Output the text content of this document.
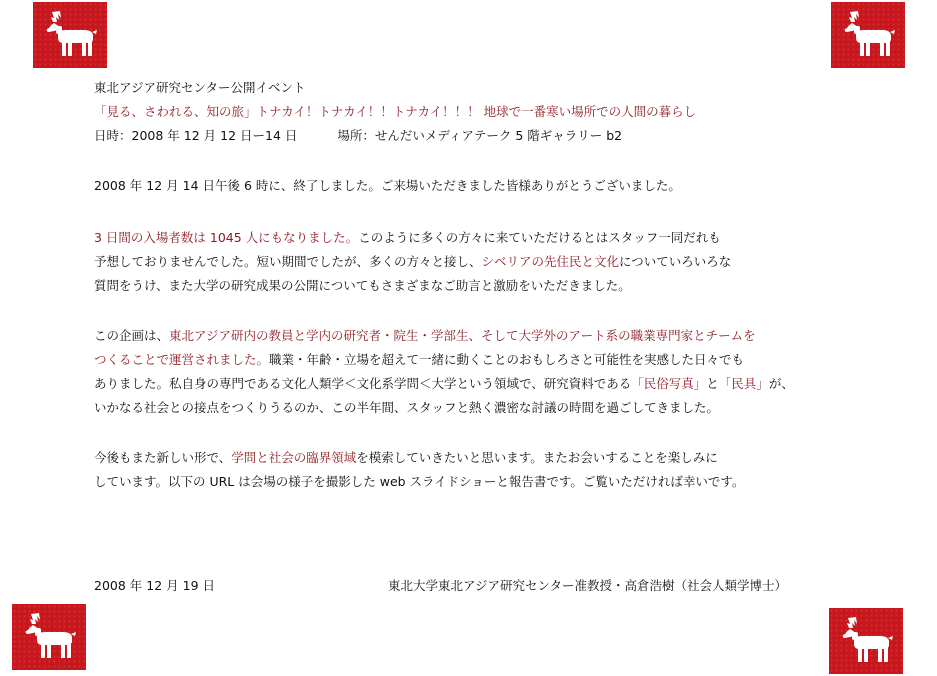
東北アジア研究センター公開イベント
「見る、さわれる、知の旅」トナカイ！トナカイ！！トナカイ！！！ 地球で一番寒い場所での人間の暮らし
日時：2008 年 12 月 12 日ー14 日	場所：せんだいメディアテーク 5 階ギャラリー b2
2008 年 12 月 14 日午後 6 時に、終了しました。ご来場いただきました皆様ありがとうございました。
3 日間の入場者数は 1045 人にもなりました。このように多くの方々に来ていただけるとはスタッフ一同だれも
予想しておりませんでした。短い期間でしたが、多くの方々と接し、シベリアの先住民と文化についていろいろな
質問をうけ、また大学の研究成果の公開についてもさまざまなご助言と激励をいただきました。
この企画は、東北アジア研内の教員と学内の研究者・院生・学部生、そして大学外のアート系の職業専門家とチームを
つくることで運営されました。職業・年齢・立場を超えて一緒に動くことのおもしろさと可能性を実感した日々でも
ありました。私自身の専門である文化人類学＜文化系学問＜大学という領域で、研究資料である「民俗写真」と「民具」が、
いかなる社会との接点をつくりうるのか、この半年間、スタッフと熱く濃密な討議の時間を過ごしてきました。
今後もまた新しい形で、学問と社会の臨界領域を模索していきたいと思います。またお会いすることを楽しみに
しています。以下の URL は会場の様子を撮影した web スライドショーと報告書です。ご覧いただければ幸いです。
2008 年 12 月 19 日	東北大学東北アジア研究センター准教授・高倉浩樹（社会人類学博士）
